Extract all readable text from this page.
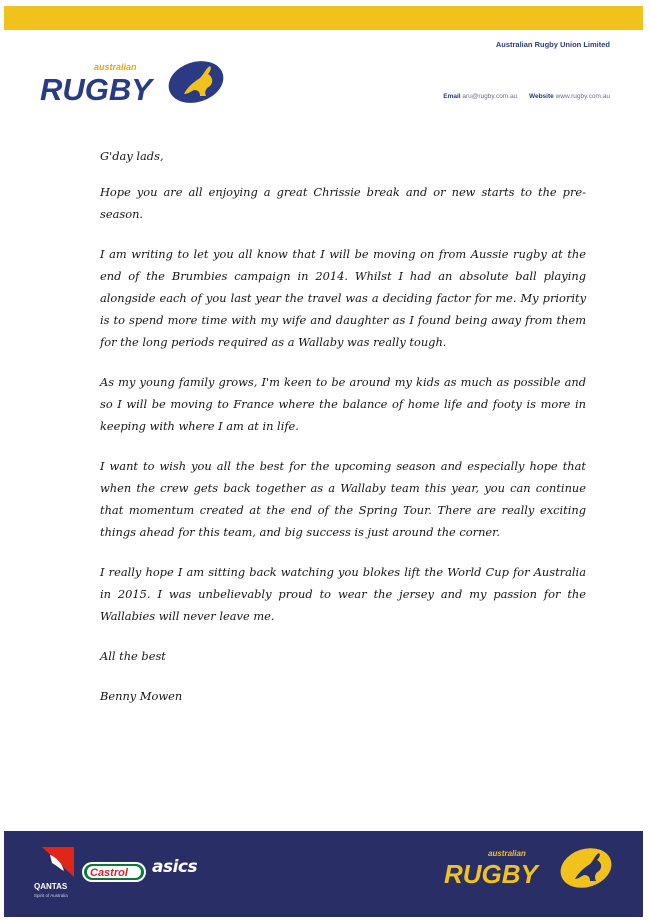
Australian Rugby Union Limited
australian
RUGBY	Email aru@rugby.com.au Website www.rugby.com.au

G'day lads,

Hope you are all enjoying a great Chrissie break and or new starts to the pre-season.

I am writing to let you all know that I will be moving on from Aussie rugby at the end of the Brumbies campaign in 2014. Whilst I had an absolute ball playing alongside each of you last year the travel was a deciding factor for me. My priority is to spend more time with my wife and daughter as I found being away from them for the long periods required as a Wallaby was really tough.

As my young family grows, I'm keen to be around my kids as much as possible and so I will be moving to France where the balance of home life and footy is more in keeping with where I am at in life.

I want to wish you all the best for the upcoming season and especially hope that when the crew gets back together as a Wallaby team this year, you can continue that momentum created at the end of the Spring Tour. There are really exciting things ahead for this team, and big success is just around the corner.

I really hope I am sitting back watching you blokes lift the World Cup for Australia in 2015. I was unbelievably proud to wear the jersey and my passion for the Wallabies will never leave me.

All the best

Benny Mowen

QANTAS
Spirit of Australia
Castrol asics
australian
RUGBY
